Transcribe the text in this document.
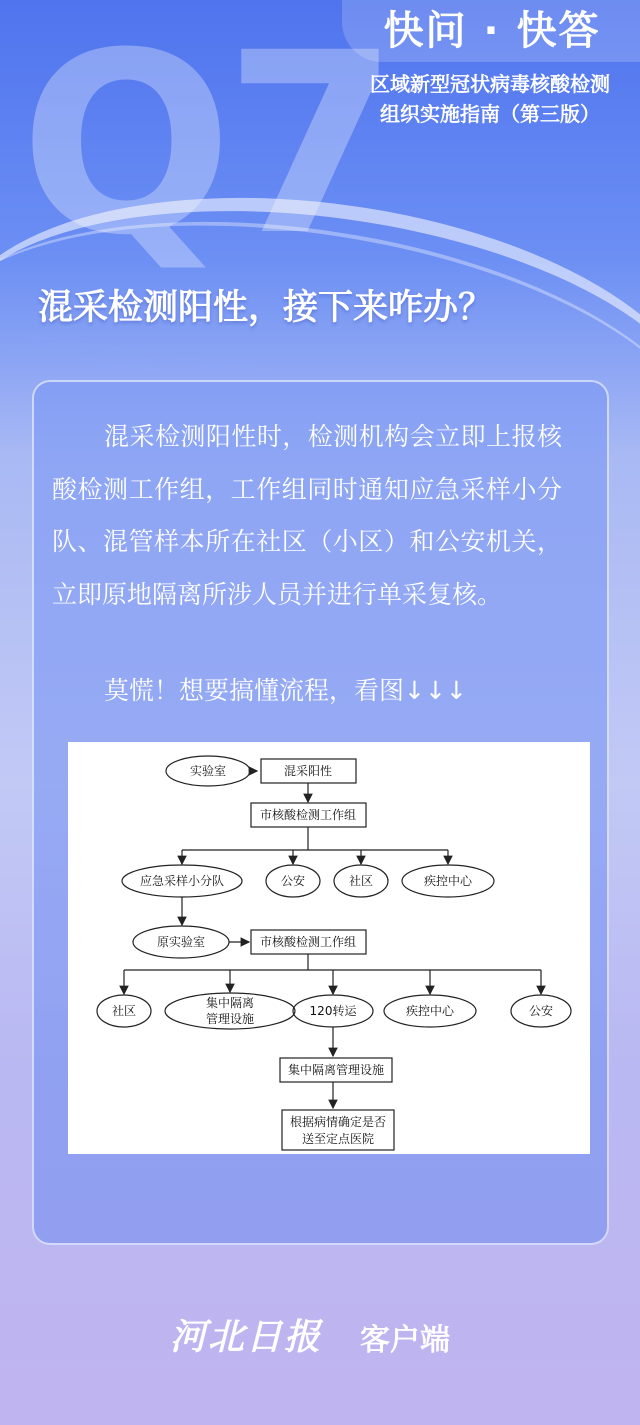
Q7
快问 · 快答
区域新型冠状病毒核酸检测
组织实施指南（第三版）
混采检测阳性，接下来咋办？
混采检测阳性时，检测机构会立即上报核酸检测工作组，工作组同时通知应急采样小分队、混管样本所在社区（小区）和公安机关，立即原地隔离所涉人员并进行单采复核。
莫慌！想要搞懂流程，看图↓↓↓
实验室	混采阳性
市核酸检测工作组
应急采样小分队	公安	社区	疾控中心
原实验室	市核酸检测工作组
社区
集中隔离
管理设施
120转运	疾控中心	公安
集中隔离管理设施
根据病情确定是否
送至定点医院
河北日报 客户端
